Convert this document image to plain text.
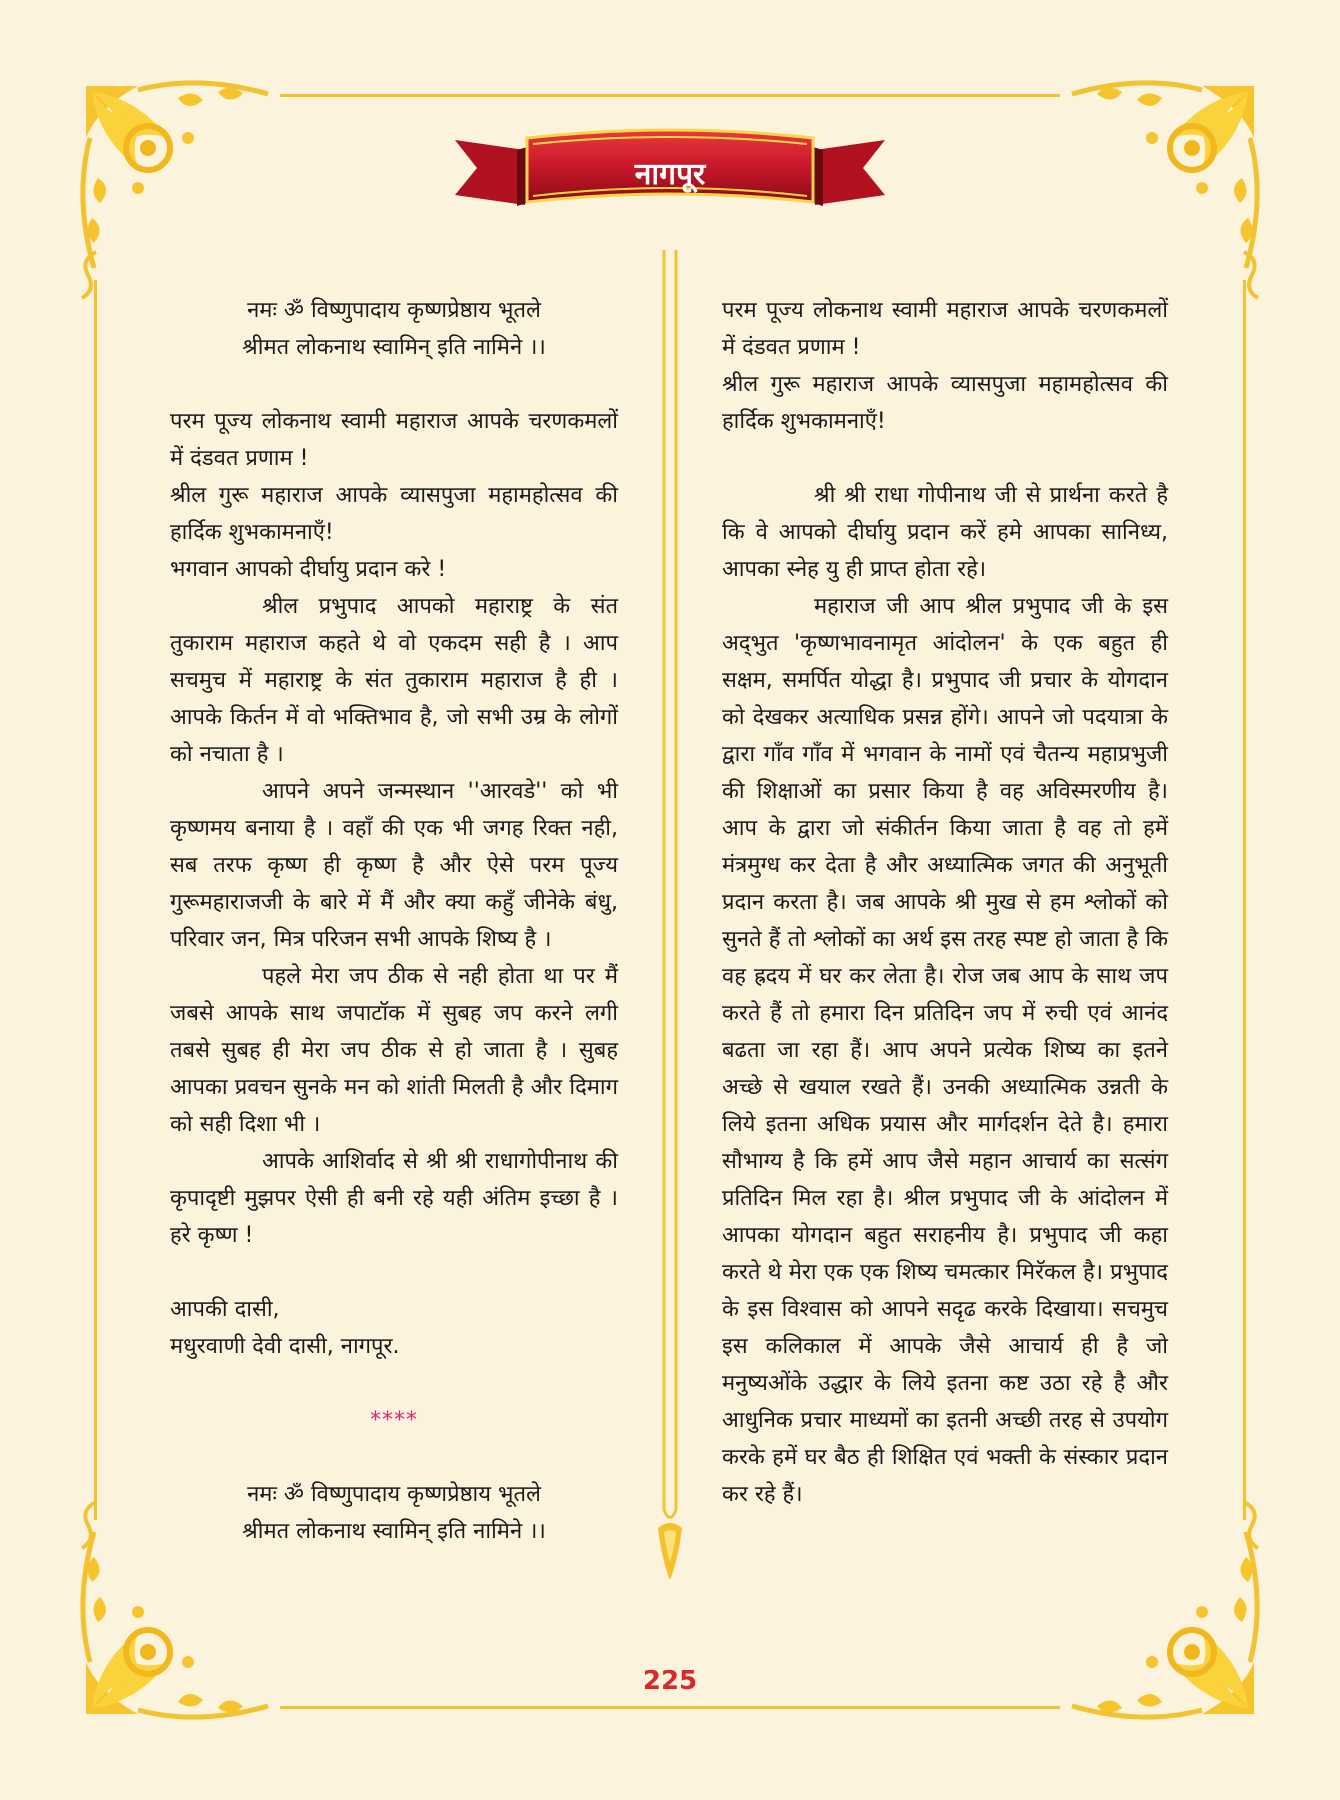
नागपूर

नमः ॐ विष्णुपादाय कृष्णप्रेष्ठाय भूतले

श्रीमत लोकनाथ स्वामिन् इति नामिने ।।

परम पूज्य लोकनाथ स्वामी महाराज आपके चरणकमलों में दंडवत प्रणाम !

श्रील गुरू महाराज आपके व्यासपुजा महामहोत्सव की हार्दिक शुभकामनाएँ!

भगवान आपको दीर्घायु प्रदान करे !

श्रील प्रभुपाद आपको महाराष्ट्र के संत तुकाराम महाराज कहते थे वो एकदम सही है । आप सचमुच में महाराष्ट्र के संत तुकाराम महाराज है ही । आपके किर्तन में वो भक्तिभाव है, जो सभी उम्र के लोगों को नचाता है ।

आपने अपने जन्मस्थान ''आरवडे'' को भी कृष्णमय बनाया है । वहाँ की एक भी जगह रिक्त नही, सब तरफ कृष्ण ही कृष्ण है और ऐसे परम पूज्य गुरूमहाराजजी के बारे में मैं और क्या कहुँ जीनेके बंधु, परिवार जन, मित्र परिजन सभी आपके शिष्य है ।

पहले मेरा जप ठीक से नही होता था पर मैं जबसे आपके साथ जपाटॉक में सुबह जप करने लगी तबसे सुबह ही मेरा जप ठीक से हो जाता है । सुबह आपका प्रवचन सुनके मन को शांती मिलती है और दिमाग को सही दिशा भी ।

आपके आशिर्वाद से श्री श्री राधागोपीनाथ की कृपादृष्टी मुझपर ऐसी ही बनी रहे यही अंतिम इच्छा है । हरे कृष्ण !

आपकी दासी,

मधुरवाणी देवी दासी, नागपूर.

****

नमः ॐ विष्णुपादाय कृष्णप्रेष्ठाय भूतले

श्रीमत लोकनाथ स्वामिन् इति नामिने ।।

परम पूज्य लोकनाथ स्वामी महाराज आपके चरणकमलों में दंडवत प्रणाम !

श्रील गुरू महाराज आपके व्यासपुजा महामहोत्सव की हार्दिक शुभकामनाएँ!

श्री श्री राधा गोपीनाथ जी से प्रार्थना करते है कि वे आपको दीर्घायु प्रदान करें हमे आपका सानिध्य, आपका स्नेह यु ही प्राप्त होता रहे।

महाराज जी आप श्रील प्रभुपाद जी के इस अद्‌भुत 'कृष्णभावनामृत आंदोलन' के एक बहुत ही सक्षम, समर्पित योद्धा है। प्रभुपाद जी प्रचार के योगदान को देखकर अत्याधिक प्रसन्न होंगे। आपने जो पदयात्रा के द्वारा गाँव गाँव में भगवान के नामों एवं चैतन्य महाप्रभुजी की शिक्षाओं का प्रसार किया है वह अविस्मरणीय है। आप के द्वारा जो संकीर्तन किया जाता है वह तो हमें मंत्रमुग्ध कर देता है और अध्यात्मिक जगत की अनुभूती प्रदान करता है। जब आपके श्री मुख से हम श्लोकों को सुनते हैं तो श्लोकों का अर्थ इस तरह स्पष्ट हो जाता है कि वह ह्रदय में घर कर लेता है। रोज जब आप के साथ जप करते हैं तो हमारा दिन प्रतिदिन जप में रुची एवं आनंद बढता जा रहा हैं। आप अपने प्रत्येक शिष्य का इतने अच्छे से खयाल रखते हैं। उनकी अध्यात्मिक उन्नती के लिये इतना अधिक प्रयास और मार्गदर्शन देते है। हमारा सौभाग्य है कि हमें आप जैसे महान आचार्य का सत्संग प्रतिदिन मिल रहा है। श्रील प्रभुपाद जी के आंदोलन में आपका योगदान बहुत सराहनीय है। प्रभुपाद जी कहा करते थे मेरा एक एक शिष्य चमत्कार मिरॅकल है। प्रभुपाद के इस विश्वास को आपने सदृढ करके दिखाया। सचमुच इस कलिकाल में आपके जैसे आचार्य ही है जो मनुष्यओंके उद्धार के लिये इतना कष्ट उठा रहे है और आधुनिक प्रचार माध्यमों का इतनी अच्छी तरह से उपयोग करके हमें घर बैठ ही शिक्षित एवं भक्ती के संस्कार प्रदान कर रहे हैं।

225
